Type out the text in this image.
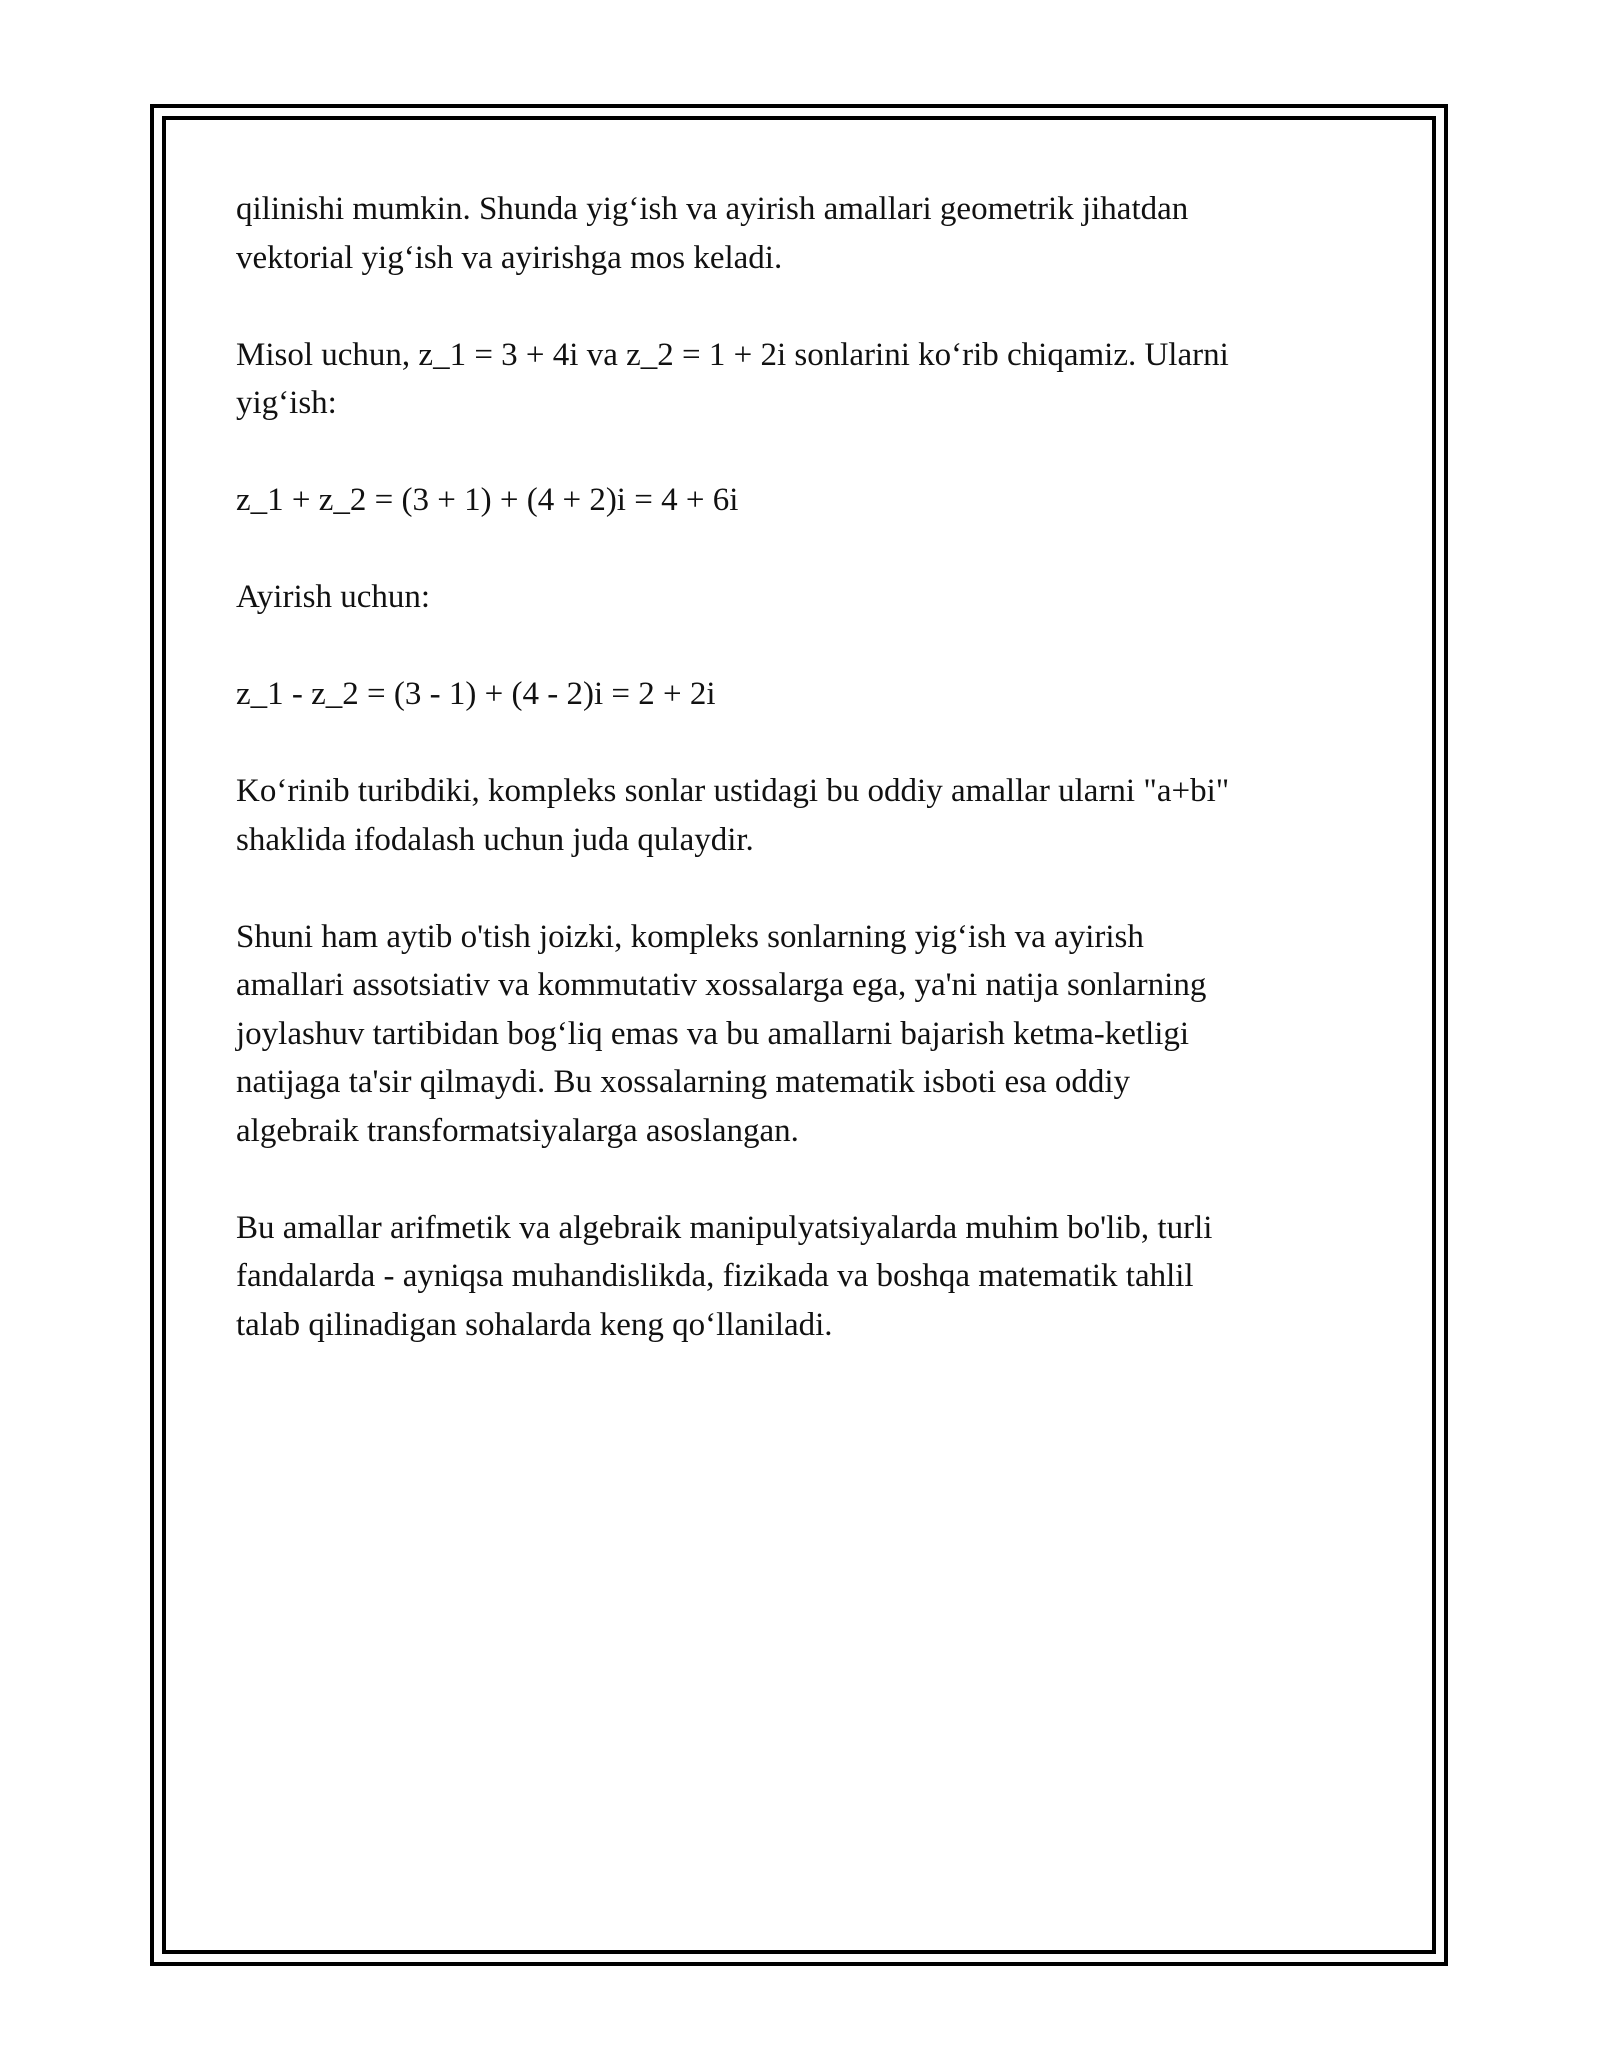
qilinishi mumkin. Shunda yig‘ish va ayirish amallari geometrik jihatdan
vektorial yig‘ish va ayirishga mos keladi.

Misol uchun, z_1 = 3 + 4i va z_2 = 1 + 2i sonlarini ko‘rib chiqamiz. Ularni
yig‘ish:

z_1 + z_2 = (3 + 1) + (4 + 2)i = 4 + 6i

Ayirish uchun:

z_1 - z_2 = (3 - 1) + (4 - 2)i = 2 + 2i

Ko‘rinib turibdiki, kompleks sonlar ustidagi bu oddiy amallar ularni "a+bi"
shaklida ifodalash uchun juda qulaydir.

Shuni ham aytib o'tish joizki, kompleks sonlarning yig‘ish va ayirish
amallari assotsiativ va kommutativ xossalarga ega, ya'ni natija sonlarning
joylashuv tartibidan bog‘liq emas va bu amallarni bajarish ketma-ketligi
natijaga ta'sir qilmaydi. Bu xossalarning matematik isboti esa oddiy
algebraik transformatsiyalarga asoslangan.

Bu amallar arifmetik va algebraik manipulyatsiyalarda muhim bo'lib, turli
fandalarda - ayniqsa muhandislikda, fizikada va boshqa matematik tahlil
talab qilinadigan sohalarda keng qo‘llaniladi.
